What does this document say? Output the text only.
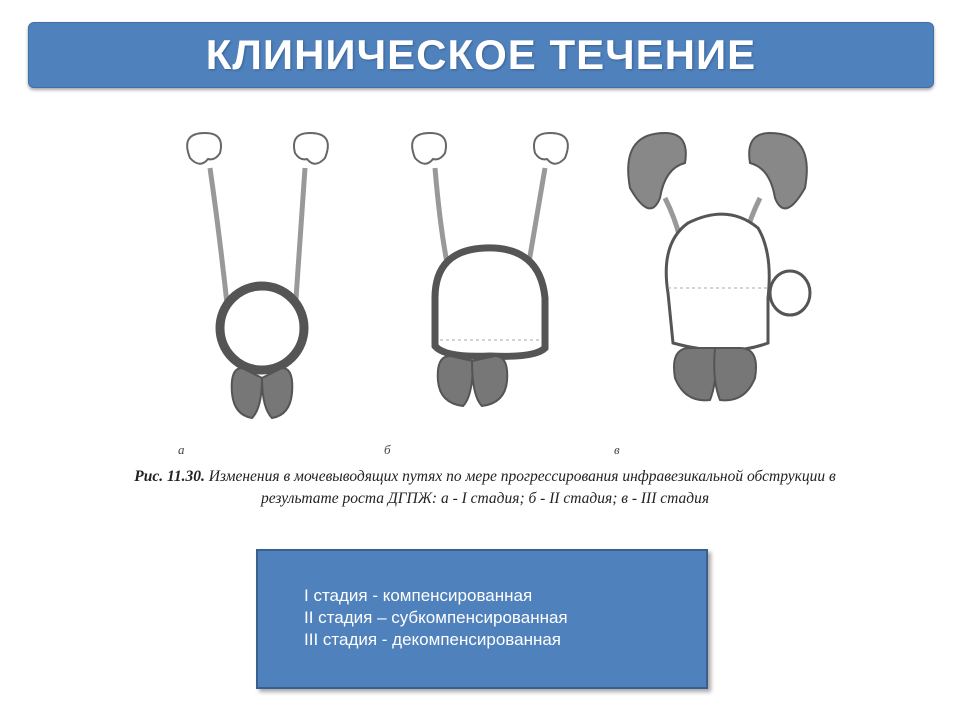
КЛИНИЧЕСКОЕ ТЕЧЕНИЕ
а	б	в
Рис. 11.30. Изменения в мочевыводящих путях по мере прогрессирования инфравезикальной обструкции в результате роста ДГПЖ: а - I стадия; б - II стадия; в - III стадия
I стадия - компенсированная
II стадия – субкомпенсированная
III стадия - декомпенсированная
